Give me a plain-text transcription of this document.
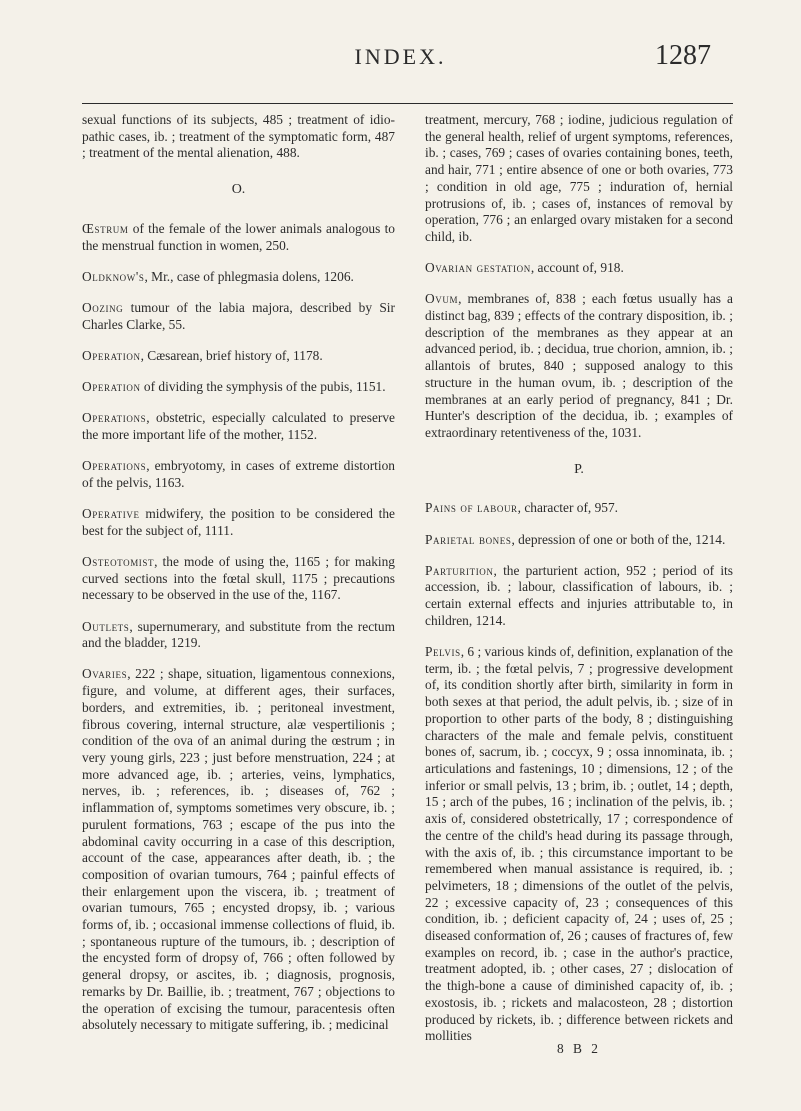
INDEX.	1287

sexual functions of its subjects, 485 ; treatment of idio-pathic cases, ib. ; treatment of the symptomatic form, 487 ; treatment of the mental alienation, 488.

O.

Œstrum of the female of the lower animals analogous to the menstrual function in women, 250.

Oldknow's, Mr., case of phlegmasia dolens, 1206.

Oozing tumour of the labia majora, described by Sir Charles Clarke, 55.

Operation, Cæsarean, brief history of, 1178.

Operation of dividing the symphysis of the pubis, 1151.

Operations, obstetric, especially calculated to preserve the more important life of the mother, 1152.

Operations, embryotomy, in cases of extreme distortion of the pelvis, 1163.

Operative midwifery, the position to be considered the best for the subject of, 1111.

Osteotomist, the mode of using the, 1165 ; for making curved sections into the fœtal skull, 1175 ; precautions necessary to be observed in the use of the, 1167.

Outlets, supernumerary, and substitute from the rectum and the bladder, 1219.

Ovaries, 222 ; shape, situation, ligamentous connexions, figure, and volume, at different ages, their surfaces, borders, and extremities, ib. ; peritoneal investment, fibrous covering, internal structure, alæ vespertilionis ; condition of the ova of an animal during the œstrum ; in very young girls, 223 ; just before menstruation, 224 ; at more advanced age, ib. ; arteries, veins, lymphatics, nerves, ib. ; references, ib. ; diseases of, 762 ; inflammation of, symptoms sometimes very obscure, ib. ; purulent formations, 763 ; escape of the pus into the abdominal cavity occurring in a case of this description, account of the case, appearances after death, ib. ; the composition of ovarian tumours, 764 ; painful effects of their enlargement upon the viscera, ib. ; treatment of ovarian tumours, 765 ; encysted dropsy, ib. ; various forms of, ib. ; occasional immense collections of fluid, ib. ; spontaneous rupture of the tumours, ib. ; description of the encysted form of dropsy of, 766 ; often followed by general dropsy, or ascites, ib. ; diagnosis, prognosis, remarks by Dr. Baillie, ib. ; treatment, 767 ; objections to the operation of excising the tumour, paracentesis often absolutely necessary to mitigate suffering, ib. ; medicinal

treatment, mercury, 768 ; iodine, judicious regulation of the general health, relief of urgent symptoms, references, ib. ; cases, 769 ; cases of ovaries containing bones, teeth, and hair, 771 ; entire absence of one or both ovaries, 773 ; condition in old age, 775 ; induration of, hernial protrusions of, ib. ; cases of, instances of removal by operation, 776 ; an enlarged ovary mistaken for a second child, ib.

Ovarian gestation, account of, 918.

Ovum, membranes of, 838 ; each fœtus usually has a distinct bag, 839 ; effects of the contrary disposition, ib. ; description of the membranes as they appear at an advanced period, ib. ; decidua, true chorion, amnion, ib. ; allantois of brutes, 840 ; supposed analogy to this structure in the human ovum, ib. ; description of the membranes at an early period of pregnancy, 841 ; Dr. Hunter's description of the decidua, ib. ; examples of extraordinary retentiveness of the, 1031.

P.

Pains of labour, character of, 957.

Parietal bones, depression of one or both of the, 1214.

Parturition, the parturient action, 952 ; period of its accession, ib. ; labour, classification of labours, ib. ; certain external effects and injuries attributable to, in children, 1214.

Pelvis, 6 ; various kinds of, definition, explanation of the term, ib. ; the fœtal pelvis, 7 ; progressive development of, its condition shortly after birth, similarity in form in both sexes at that period, the adult pelvis, ib. ; size of in proportion to other parts of the body, 8 ; distinguishing characters of the male and female pelvis, constituent bones of, sacrum, ib. ; coccyx, 9 ; ossa innominata, ib. ; articulations and fastenings, 10 ; dimensions, 12 ; of the inferior or small pelvis, 13 ; brim, ib. ; outlet, 14 ; depth, 15 ; arch of the pubes, 16 ; inclination of the pelvis, ib. ; axis of, considered obstetrically, 17 ; correspondence of the centre of the child's head during its passage through, with the axis of, ib. ; this circumstance important to be remembered when manual assistance is required, ib. ; pelvimeters, 18 ; dimensions of the outlet of the pelvis, 22 ; excessive capacity of, 23 ; consequences of this condition, ib. ; deficient capacity of, 24 ; uses of, 25 ; diseased conformation of, 26 ; causes of fractures of, few examples on record, ib. ; case in the author's practice, treatment adopted, ib. ; other cases, 27 ; dislocation of the thigh-bone a cause of diminished capacity of, ib. ; exostosis, ib. ; rickets and malacosteon, 28 ; distortion produced by rickets, ib. ; difference between rickets and mollities

8 B 2
